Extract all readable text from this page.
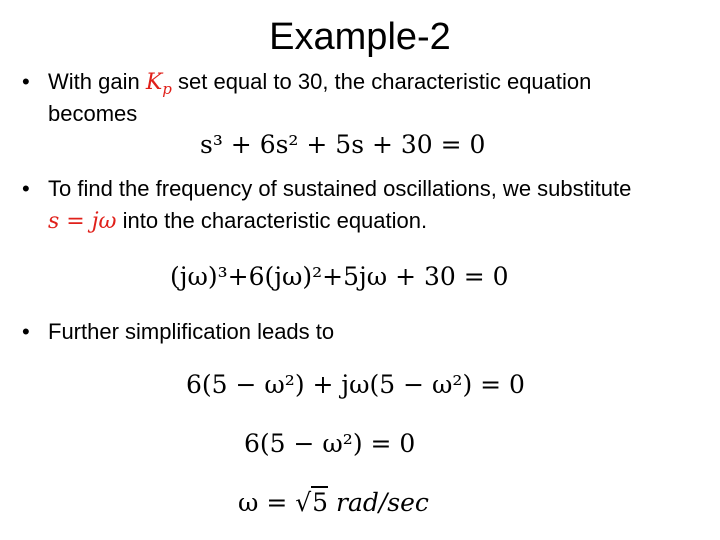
Example-2
• With gain $K_p$ set equal to 30, the characteristic equation
becomes
s³ + 6s² + 5s + 30 = 0
• To find the frequency of sustained oscillations, we substitute
s = jω into the characteristic equation.
(jω)³+6(jω)²+5jω + 30 = 0
• Further simplification leads to
6(5 − ω²) + jω(5 − ω²) = 0
6(5 − ω²) = 0
ω = √5 rad/sec
